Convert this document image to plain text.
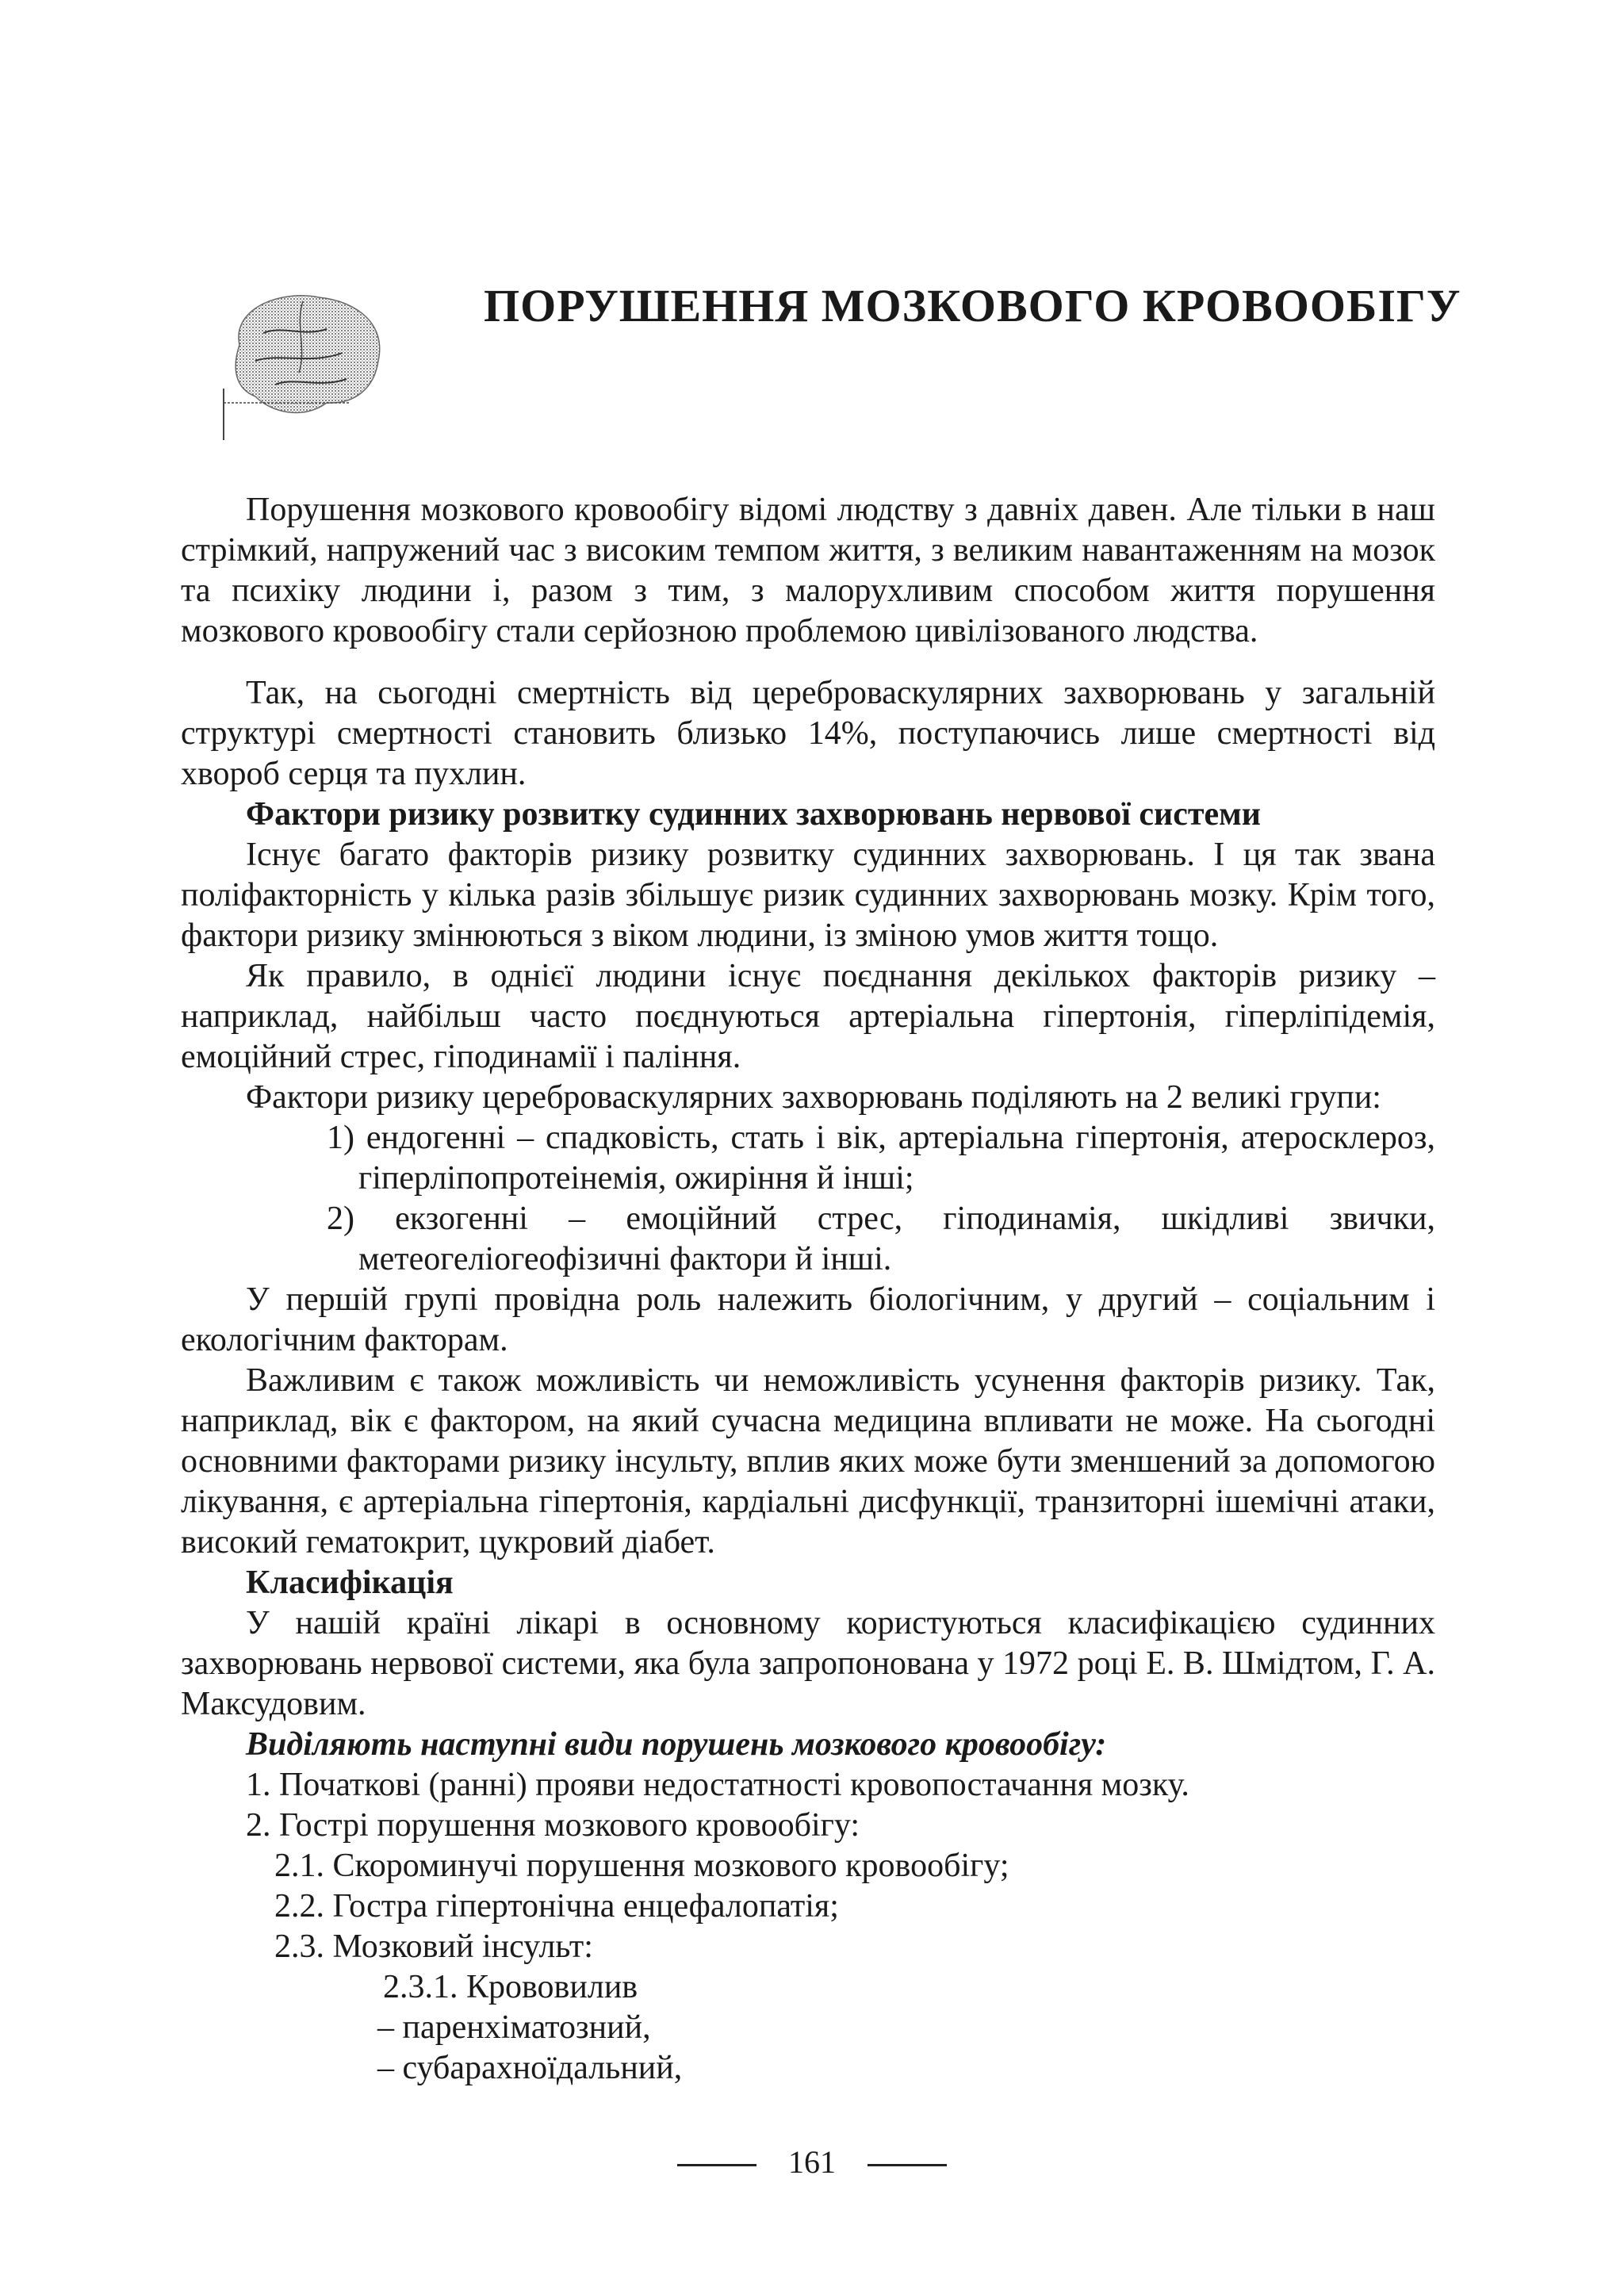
ПОРУШЕННЯ МОЗКОВОГО КРОВООБІГУ

Порушення мозкового кровообігу відомі людству з давніх давен. Але тільки в наш стрімкий, напружений час з високим темпом життя, з великим навантаженням на мозок та психіку людини і, разом з тим, з малорухливим способом життя порушення мозкового кровообігу стали серйозною проблемою цивілізованого людства.

Так, на сьогодні смертність від цереброваскулярних захворювань у загальній структурі смертності становить близько 14%, поступаючись лише смертності від хвороб серця та пухлин.

Фактори ризику розвитку судинних захворювань нервової системи

Існує багато факторів ризику розвитку судинних захворювань. І ця так звана поліфакторність у кілька разів збільшує ризик судинних захворювань мозку. Крім того, фактори ризику змінюються з віком людини, із зміною умов життя тощо.

Як правило, в однієї людини існує поєднання декількох факторів ризику – наприклад, найбільш часто поєднуються артеріальна гіпертонія, гіперліпідемія, емоційний стрес, гіподинамії і паління.

Фактори ризику цереброваскулярних захворювань поділяють на 2 великі групи:

1) ендогенні – спадковість, стать і вік, артеріальна гіпертонія, атеросклероз, гіперліпопротеінемія, ожиріння й інші;

2) екзогенні – емоційний стрес, гіподинамія, шкідливі звички, метеогеліогеофізичні фактори й інші.

У першій групі провідна роль належить біологічним, у другий – соціальним і екологічним факторам.

Важливим є також можливість чи неможливість усунення факторів ризику. Так, наприклад, вік є фактором, на який сучасна медицина впливати не може. На сьогодні основними факторами ризику інсульту, вплив яких може бути зменшений за допомогою лікування, є артеріальна гіпертонія, кардіальні дисфункції, транзиторні ішемічні атаки, високий гематокрит, цукровий діабет.

Класифікація

У нашій країні лікарі в основному користуються класифікацією судинних захворювань нервової системи, яка була запропонована у 1972 році Е. В. Шмідтом, Г. А. Максудовим.

Виділяють наступні види порушень мозкового кровообігу:

1. Початкові (ранні) прояви недостатності кровопостачання мозку.

2. Гострі порушення мозкового кровообігу:

2.1. Скороминучі порушення мозкового кровообігу;

2.2. Гостра гіпертонічна енцефалопатія;

2.3. Мозковий інсульт:

2.3.1. Крововилив

– паренхіматозний,

– субарахноїдальний,

161
